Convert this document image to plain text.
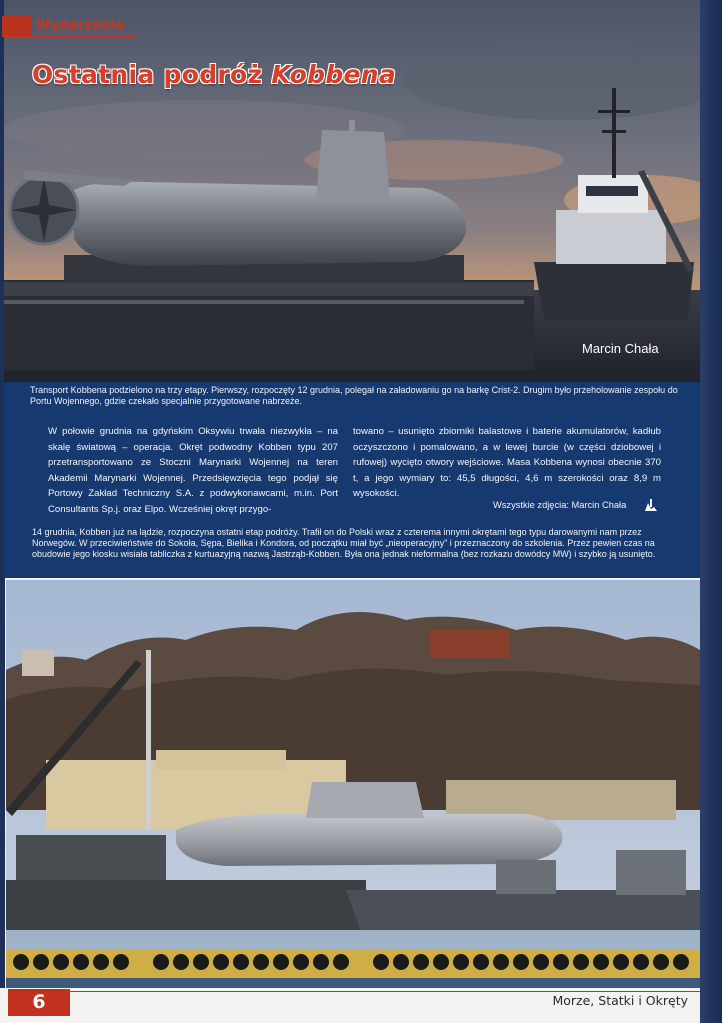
Wydarzenia
Ostatnia podróż Kobbena
Marcin Chała

Transport Kobbena podzielono na trzy etapy. Pierwszy, rozpoczęty 12 grudnia, polegał na załadowaniu go na barkę Crist-2. Drugim było przeholowanie zespołu do Portu Wojennego, gdzie czekało specjalnie przygotowane nabrzeże.

W połowie grudnia na gdyńskim Oksywiu trwała niezwykła – na skalę światową – operacja. Okręt podwodny Kobben typu 207 przetransportowano ze Stoczni Marynarki Wojennej na teren Akademii Marynarki Wojennej. Przedsięwzięcia tego podjął się Portowy Zakład Techniczny S.A. z podwykonawcami, m.in. Port Consultants Sp.j. oraz Elpo. Wcześniej okręt przygo-

towano – usunięto zbiorniki balastowe i baterie akumulatorów, kadłub oczyszczono i pomalowano, a w lewej burcie (w części dziobowej i rufowej) wycięto otwory wejściowe. Masa Kobbena wynosi obecnie 370 t, a jego wymiary to: 45,5 długości, 4,6 m szerokości oraz 8,9 m wysokości.

Wszystkie zdjęcia: Marcin Chała

14 grudnia, Kobben już na lądzie, rozpoczyna ostatni etap podróży. Trafił on do Polski wraz z czterema innymi okrętami tego typu darowanymi nam przez Norwegów. W przeciwieństwie do Sokoła, Sępa, Bielika i Kondora, od początku miał być „nieoperacyjny” i przeznaczony do szkolenia. Przez pewien czas na obudowie jego kiosku wisiała tabliczka z kurtuazyjną nazwą Jastrząb-Kobben. Była ona jednak nieformalna (bez rozkazu dowódcy MW) i szybko ją usunięto.

6	Morze, Statki i Okręty
